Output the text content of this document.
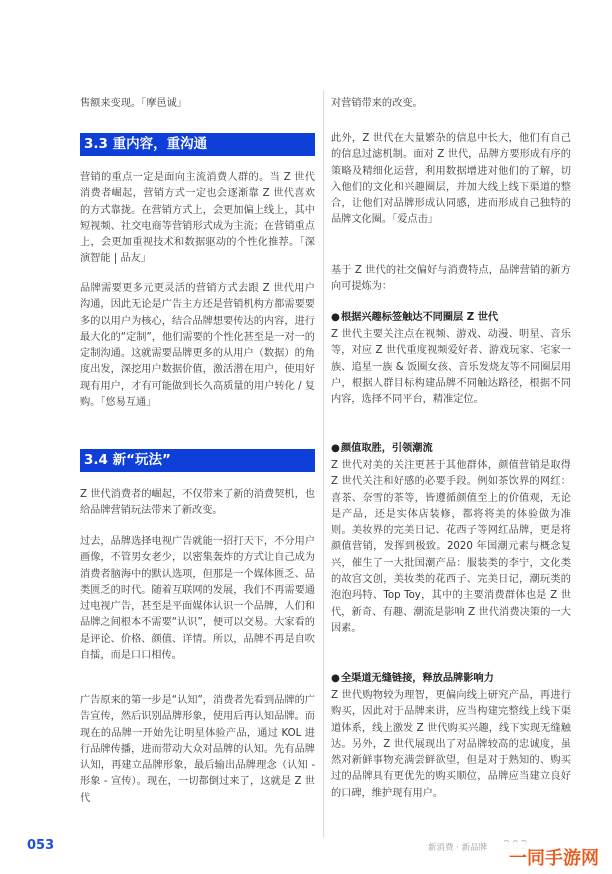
售额来变现。「摩邑诚」

3.3 重内容，重沟通

营销的重点一定是面向主流消费人群的。当 Z 世代消费者崛起，营销方式一定也会逐渐靠 Z 世代喜欢的方式靠拢。在营销方式上，会更加偏上线上，其中短视频、社交电商等营销形式成为主流；在营销重点上，会更加重视技术和数据驱动的个性化推荐。「深演智能 | 品友」

品牌需要更多元更灵活的营销方式去跟 Z 世代用户沟通，因此无论是广告主方还是营销机构方都需要要多的以用户为核心，结合品牌想要传达的内容，进行最大化的“定制”，他们需要的个性化甚至是一对一的定制沟通。这就需要品牌更多的从用户（数据）的角度出发，深挖用户数据价值，激活潜在用户，使用好现有用户，才有可能做到长久高质量的用户转化 / 复购。「悠易互通」

3.4 新“玩法”

Z 世代消费者的崛起，不仅带来了新的消费契机，也给品牌营销玩法带来了新改变。

过去，品牌选择电视广告就能一招打天下，不分用户画像，不管男女老少，以密集轰炸的方式让自己成为消费者脑海中的默认选项，但那是一个媒体匮乏、品类匮乏的时代。随着互联网的发展，我们不再需要通过电视广告，甚至是平面媒体认识一个品牌，人们和品牌之间根本不需要“认识”，便可以交易。大家看的是评论、价格、颜值、详情。所以，品牌不再是自吹自擂，而是口口相传。

广告原来的第一步是“认知”，消费者先看到品牌的广告宣传，然后识别品牌形象，使用后再认知品牌。而现在的品牌一开始先让明星体验产品，通过 KOL 进行品牌传播，进而带动大众对品牌的认知。先有品牌认知，再建立品牌形象，最后输出品牌理念（认知 - 形象 - 宣传）。现在，一切都倒过来了，这就是 Z 世代

对营销带来的改变。

此外，Z 世代在大量繁杂的信息中长大，他们有自己的信息过滤机制。面对 Z 世代，品牌方要形成有序的策略及精细化运营，利用数据增进对他们的了解，切入他们的文化和兴趣圈层，并加大线上线下渠道的整合，让他们对品牌形成认同感，进而形成自己独特的品牌文化圈。「爱点击」

基于 Z 世代的社交偏好与消费特点，品牌营销的新方向可提炼为：

●根据兴趣标签触达不同圈层 Z 世代

Z 世代主要关注点在视频、游戏、动漫、明星、音乐等，对应 Z 世代重度视频爱好者、游戏玩家、宅家一族、追星一族 & 饭圈女孩、音乐发烧友等不同圈层用户，根据人群目标构建品牌不同触达路径，根据不同内容，选择不同平台，精准定位。

●颜值取胜，引领潮流

Z 世代对美的关注更甚于其他群体，颜值营销是取得 Z 世代关注和好感的必要手段。例如茶饮界的网红：喜茶、奈雪的茶等，皆遵循颜值至上的价值观，无论是产品，还是实体店装修，都将将美的体验做为准则。美妆界的完美日记、花西子等网红品牌，更是将颜值营销，发挥到极致。2020 年国潮元素与概念复兴，催生了一大批国潮产品：服装类的李宁，文化类的故宫文创，美妆类的花西子、完美日记，潮玩类的泡泡玛特、Top Toy，其中的主要消费群体也是 Z 世代，新奇、有趣、潮流是影响 Z 世代消费决策的一大因素。

●全渠道无缝链接，释放品牌影响力

Z 世代购物较为理智，更偏向线上研究产品，再进行购买，因此对于品牌来讲，应当构建完整线上线下渠道体系，线上激发 Z 世代购买兴趣，线下实现无缝触达。另外，Z 世代展现出了对品牌较高的忠诚度，虽然对新鲜事物充满尝鲜欲望，但是对于熟知的、购买过的品牌具有更优先的购买顺位，品牌应当建立良好的口碑，维护现有用户。

053	新消费 · 新品牌	一同手游网
